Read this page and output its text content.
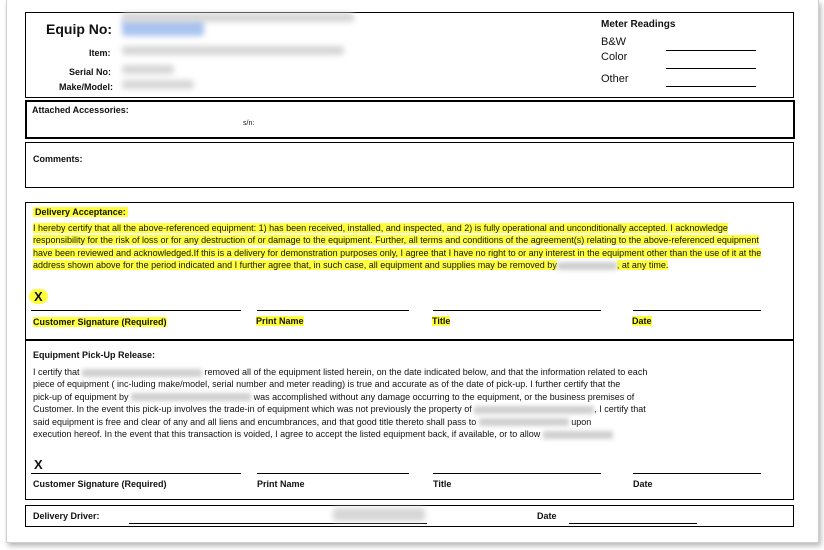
Equip No:
Item:
Serial No:
Make/Model:
Meter Readings
B&W
Color
Other
Attached Accessories:
s/n:
Comments:
Delivery Acceptance:

I hereby certify that all the above-referenced equipment: 1) has been received, installed, and inspected, and 2) is fully operational and unconditionally accepted. I acknowledge responsibility for the risk of loss or for any destruction of or damage to the equipment. Further, all terms and conditions of the agreement(s) relating to the above-referenced equipment have been reviewed and acknowledged.If this is a delivery for demonstration purposes only, I agree that I have no right to or any interest in the equipment other than the use of it at the address shown above for the period indicated and I further agree that, in such case, all equipment and supplies may be removed by	, at any time.

X
Customer Signature (Required)	Print Name	Title	Date
Equipment Pick-Up Release:
I certify that	removed all of the equipment listed herein, on the date indicated below, and that the information related to each
piece of equipment ( inc-luding make/model, serial number and meter reading) is true and accurate as of the date of pick-up. I further certify that the
pick-up of equipment by	was accomplished without any damage occurring to the equipment, or the business premises of
Customer. In the event this pick-up involves the trade-in of equipment which was not previously the property of	, I certify that
said equipment is free and clear of any and all liens and encumbrances, and that good title thereto shall pass to	upon
execution hereof. In the event that this transaction is voided, I agree to accept the listed equipment back, if available, or to allow
X
Customer Signature (Required)	Print Name	Title	Date
Delivery Driver:	Date
